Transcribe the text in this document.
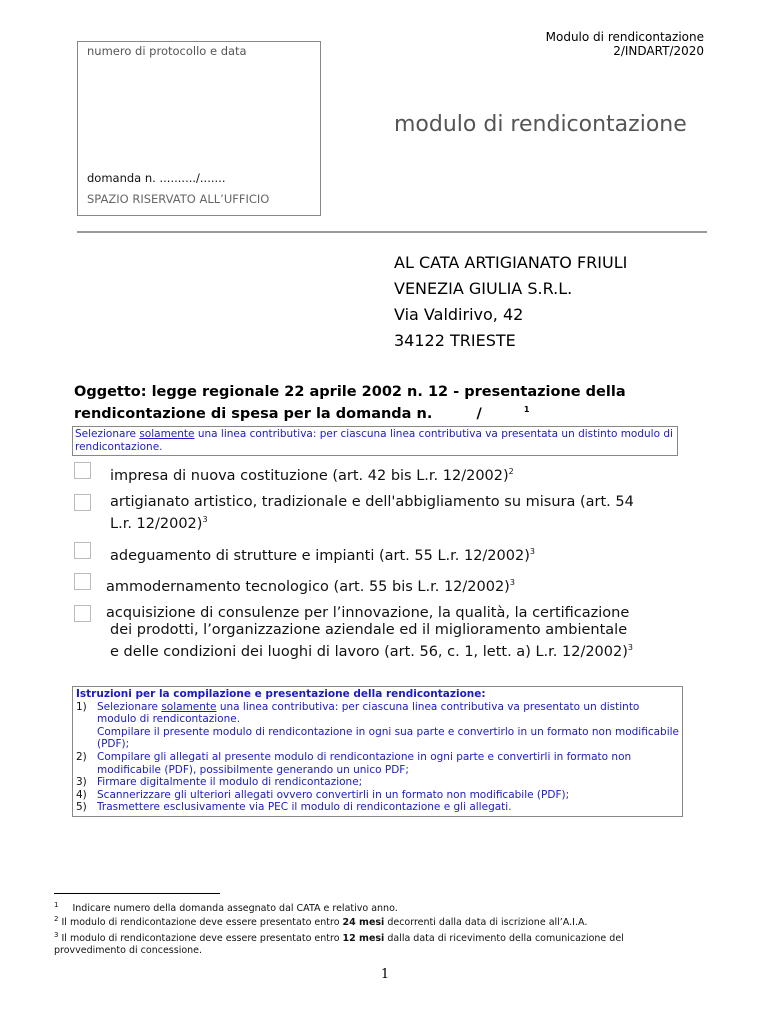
Modulo di rendicontazione
2/INDART/2020
numero di protocollo e data
domanda n. ........../.......
SPAZIO RISERVATO ALL’UFFICIO
modulo di rendicontazione
AL CATA ARTIGIANATO FRIULI
VENEZIA GIULIA S.R.L.
Via Valdirivo, 42
34122 TRIESTE
Oggetto: legge regionale 22 aprile 2002 n. 12 - presentazione della
rendicontazione di spesa per la domanda n.	/	$^1$
Selezionare solamente una linea contributiva: per ciascuna linea contributiva va presentata un distinto modulo di rendicontazione.
impresa di nuova costituzione (art. 42 bis L.r. 12/2002)$^2$
artigianato artistico, tradizionale e dell'abbigliamento su misura (art. 54
L.r. 12/2002)$^3$
adeguamento di strutture e impianti (art. 55 L.r. 12/2002)$^3$
ammodernamento tecnologico (art. 55 bis L.r. 12/2002)$^3$
acquisizione di consulenze per l’innovazione, la qualità, la certificazione
dei prodotti, l’organizzazione aziendale ed il miglioramento ambientale
e delle condizioni dei luoghi di lavoro (art. 56, c. 1, lett. a) L.r. 12/2002)$^3$
Istruzioni per la compilazione e presentazione della rendicontazione:
1) Selezionare solamente una linea contributiva: per ciascuna linea contributiva va presentato un distinto modulo di rendicontazione.
Compilare il presente modulo di rendicontazione in ogni sua parte e convertirlo in un formato non modificabile (PDF);
2) Compilare gli allegati al presente modulo di rendicontazione in ogni parte e convertirli in formato non modificabile (PDF), possibilmente generando un unico PDF;
3) Firmare digitalmente il modulo di rendicontazione;
4) Scannerizzare gli ulteriori allegati ovvero convertirli in un formato non modificabile (PDF);
5) Trasmettere esclusivamente via PEC il modulo di rendicontazione e gli allegati.
$^1$ Indicare numero della domanda assegnato dal CATA e relativo anno.
$^2$ Il modulo di rendicontazione deve essere presentato entro 24 mesi decorrenti dalla data di iscrizione all’A.I.A.
$^3$ Il modulo di rendicontazione deve essere presentato entro 12 mesi dalla data di ricevimento della comunicazione del provvedimento di concessione.
1
